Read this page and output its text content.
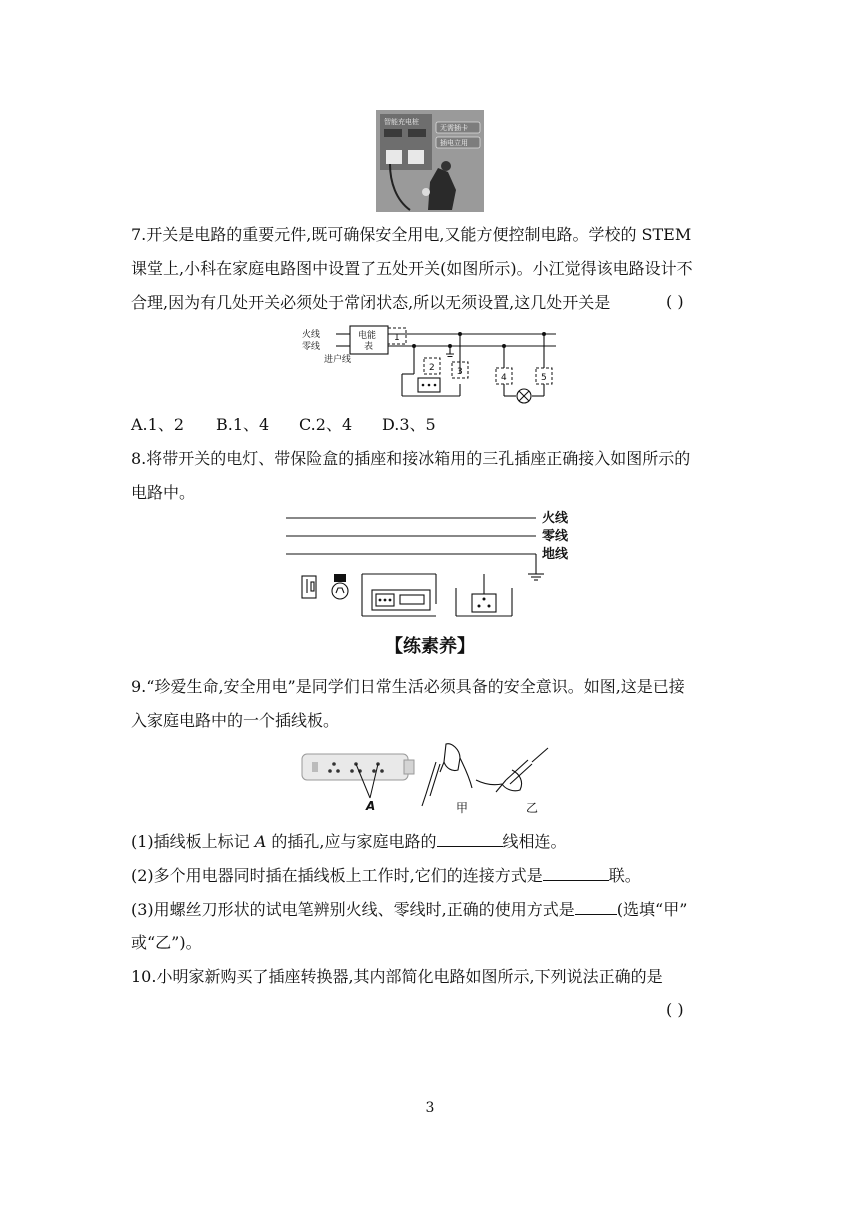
智能充电桩
无需插卡
插电立用
7.开关是电路的重要元件,既可确保安全用电,又能方便控制电路。学校的 STEM
课堂上,小科在家庭电路图中设置了五处开关(如图所示)。小江觉得该电路设计不
合理,因为有几处开关必须处于常闭状态,所以无须设置,这几处开关是	( )
火线
零线
进户线
电能
表
1
2 3
4	5
A.1、2 B.1、4 C.2、4 D.3、5
8.将带开关的电灯、带保险盒的插座和接冰箱用的三孔插座正确接入如图所示的
电路中。
火线
零线
地线
【练素养】
9.“珍爱生命,安全用电”是同学们日常生活必须具备的安全意识。如图,这是已接
入家庭电路中的一个插线板。
A	甲	乙
(1)插线板上标记 A 的插孔,应与家庭电路的	线相连。
(2)多个用电器同时插在插线板上工作时,它们的连接方式是	联。
(3)用螺丝刀形状的试电笔辨别火线、零线时,正确的使用方式是	(选填“甲”
或“乙”)。
10.小明家新购买了插座转换器,其内部简化电路如图所示,下列说法正确的是
( )
3
